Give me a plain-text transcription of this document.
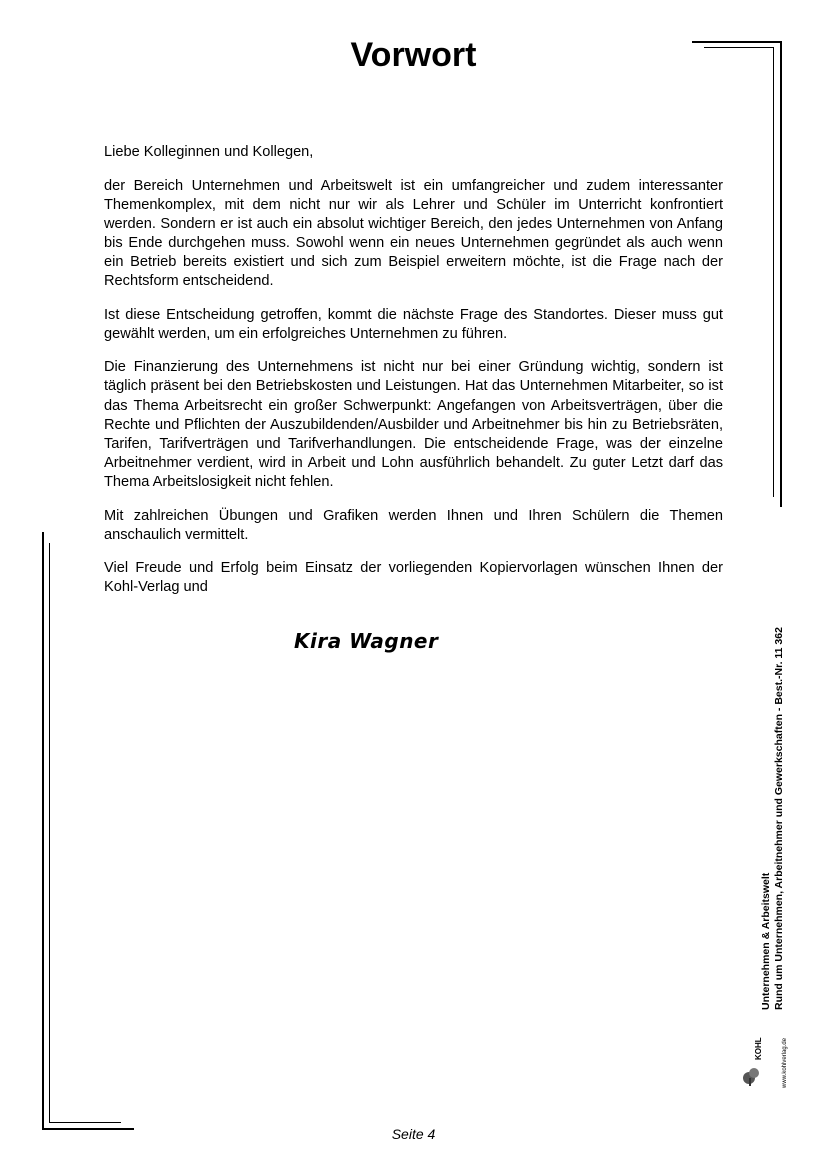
Vorwort

Liebe Kolleginnen und Kollegen,

der Bereich Unternehmen und Arbeitswelt ist ein umfangreicher und zudem interessanter Themenkomplex, mit dem nicht nur wir als Lehrer und Schüler im Unterricht konfrontiert werden. Sondern er ist auch ein absolut wichtiger Bereich, den jedes Unternehmen von Anfang bis Ende durchgehen muss. Sowohl wenn ein neues Unternehmen gegründet als auch wenn ein Betrieb bereits existiert und sich zum Beispiel erweitern möchte, ist die Frage nach der Rechtsform entscheidend.

Ist diese Entscheidung getroffen, kommt die nächste Frage des Standortes. Dieser muss gut gewählt werden, um ein erfolgreiches Unternehmen zu führen.

Die Finanzierung des Unternehmens ist nicht nur bei einer Gründung wichtig, sondern ist täglich präsent bei den Betriebskosten und Leistungen. Hat das Unternehmen Mitarbeiter, so ist das Thema Arbeitsrecht ein großer Schwerpunkt: Angefangen von Arbeitsverträgen, über die Rechte und Pflichten der Auszubildenden/Ausbilder und Arbeitnehmer bis hin zu Betriebsräten, Tarifen, Tarifverträgen und Tarifverhandlungen. Die entscheidende Frage, was der einzelne Arbeitnehmer verdient, wird in Arbeit und Lohn ausführlich behandelt. Zu guter Letzt darf das Thema Arbeitslosigkeit nicht fehlen.

Mit zahlreichen Übungen und Grafiken werden Ihnen und Ihren Schülern die Themen anschaulich vermittelt.

Viel Freude und Erfolg beim Einsatz der vorliegenden Kopiervorlagen wünschen Ihnen der Kohl-Verlag und

Kira Wagner
Unternehmen & Arbeitswelt Rund um Unternehmen, Arbeitnehmer und Gewerkschaften - Best.-Nr. 11 362
KOHL	www.kohlverlag.de
Seite 4
